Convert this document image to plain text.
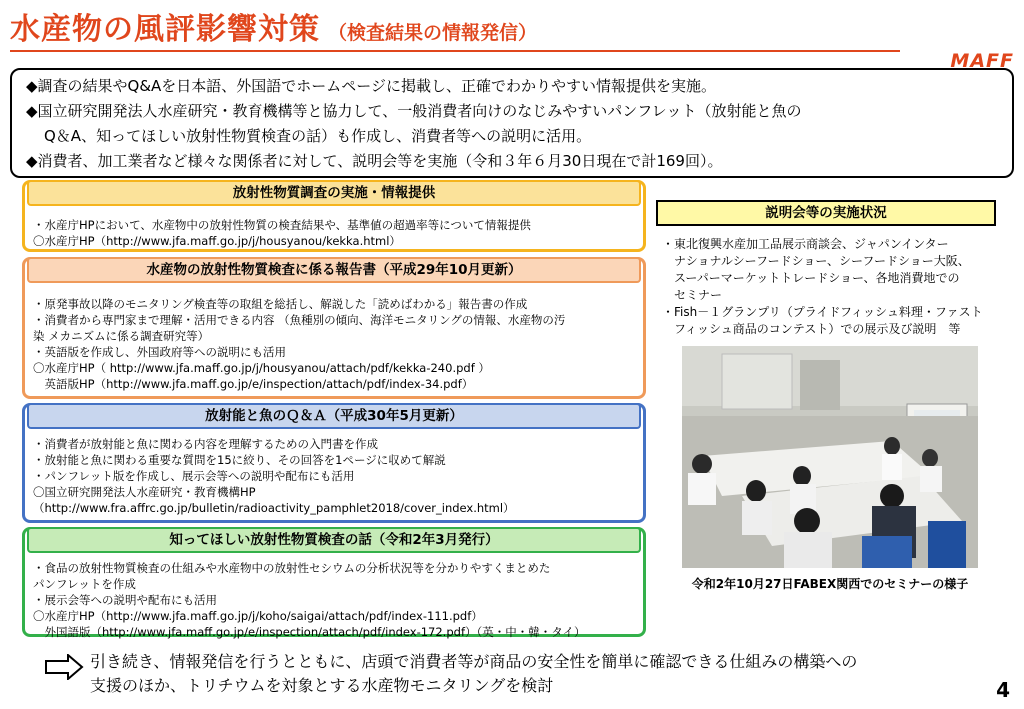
水産物の風評影響対策 （検査結果の情報発信）
MAFF

◆調査の結果やQ&Aを日本語、外国語でホームページに掲載し、正確でわかりやすい情報提供を実施。

◆国立研究開発法人水産研究・教育機構等と協力して、一般消費者向けのなじみやすいパンフレット（放射能と魚の

Q＆A、知ってほしい放射性物質検査の話）も作成し、消費者等への説明に活用。

◆消費者、加工業者など様々な関係者に対して、説明会等を実施（令和３年６月30日現在で計169回）。

放射性物質調査の実施・情報提供
・水産庁HPにおいて、水産物中の放射性物質の検査結果や、基準値の超過率等について情報提供
〇水産庁HP（http://www.jfa.maff.go.jp/j/housyanou/kekka.html）
水産物の放射性物質検査に係る報告書（平成29年10月更新）
・原発事故以降のモニタリング検査等の取組を総括し、解説した「読めばわかる」報告書の作成
・消費者から専門家まで理解・活用できる内容 （魚種別の傾向、海洋モニタリングの情報、水産物の汚
染 メカニズムに係る調査研究等）
・英語版を作成し、外国政府等への説明にも活用
〇水産庁HP（ http://www.jfa.maff.go.jp/j/housyanou/attach/pdf/kekka-240.pdf ）
　英語版HP（http://www.jfa.maff.go.jp/e/inspection/attach/pdf/index-34.pdf）
放射能と魚のＱ＆Ａ（平成30年5月更新）
・消費者が放射能と魚に関わる内容を理解するための入門書を作成
・放射能と魚に関わる重要な質問を15に絞り、その回答を1ページに収めて解説
・パンフレット版を作成し、展示会等への説明や配布にも活用
〇国立研究開発法人水産研究・教育機構HP
（http://www.fra.affrc.go.jp/bulletin/radioactivity_pamphlet2018/cover_index.html）
知ってほしい放射性物質検査の話（令和2年3月発行）
・食品の放射性物質検査の仕組みや水産物中の放射性セシウムの分析状況等を分かりやすくまとめた
パンフレットを作成
・展示会等への説明や配布にも活用
〇水産庁HP（http://www.jfa.maff.go.jp/j/koho/saigai/attach/pdf/index-111.pdf）
　外国語版（http://www.jfa.maff.go.jp/e/inspection/attach/pdf/index-172.pdf）（英・中・韓・タイ）
説明会等の実施状況
・東北復興水産加工品展示商談会、ジャパンインター
ナショナルシーフードショー、シーフードショー大阪、
スーパーマーケットトレードショー、各地消費地での
セミナー
・Fish－１グランプリ（プライドフィッシュ料理・ファスト
フィッシュ商品のコンテスト）での展示及び説明　等
令和2年10月27日FABEX関西でのセミナーの様子
引き続き、情報発信を行うとともに、店頭で消費者等が商品の安全性を簡単に確認できる仕組みの構築への
支援のほか、トリチウムを対象とする水産物モニタリングを検討	4
